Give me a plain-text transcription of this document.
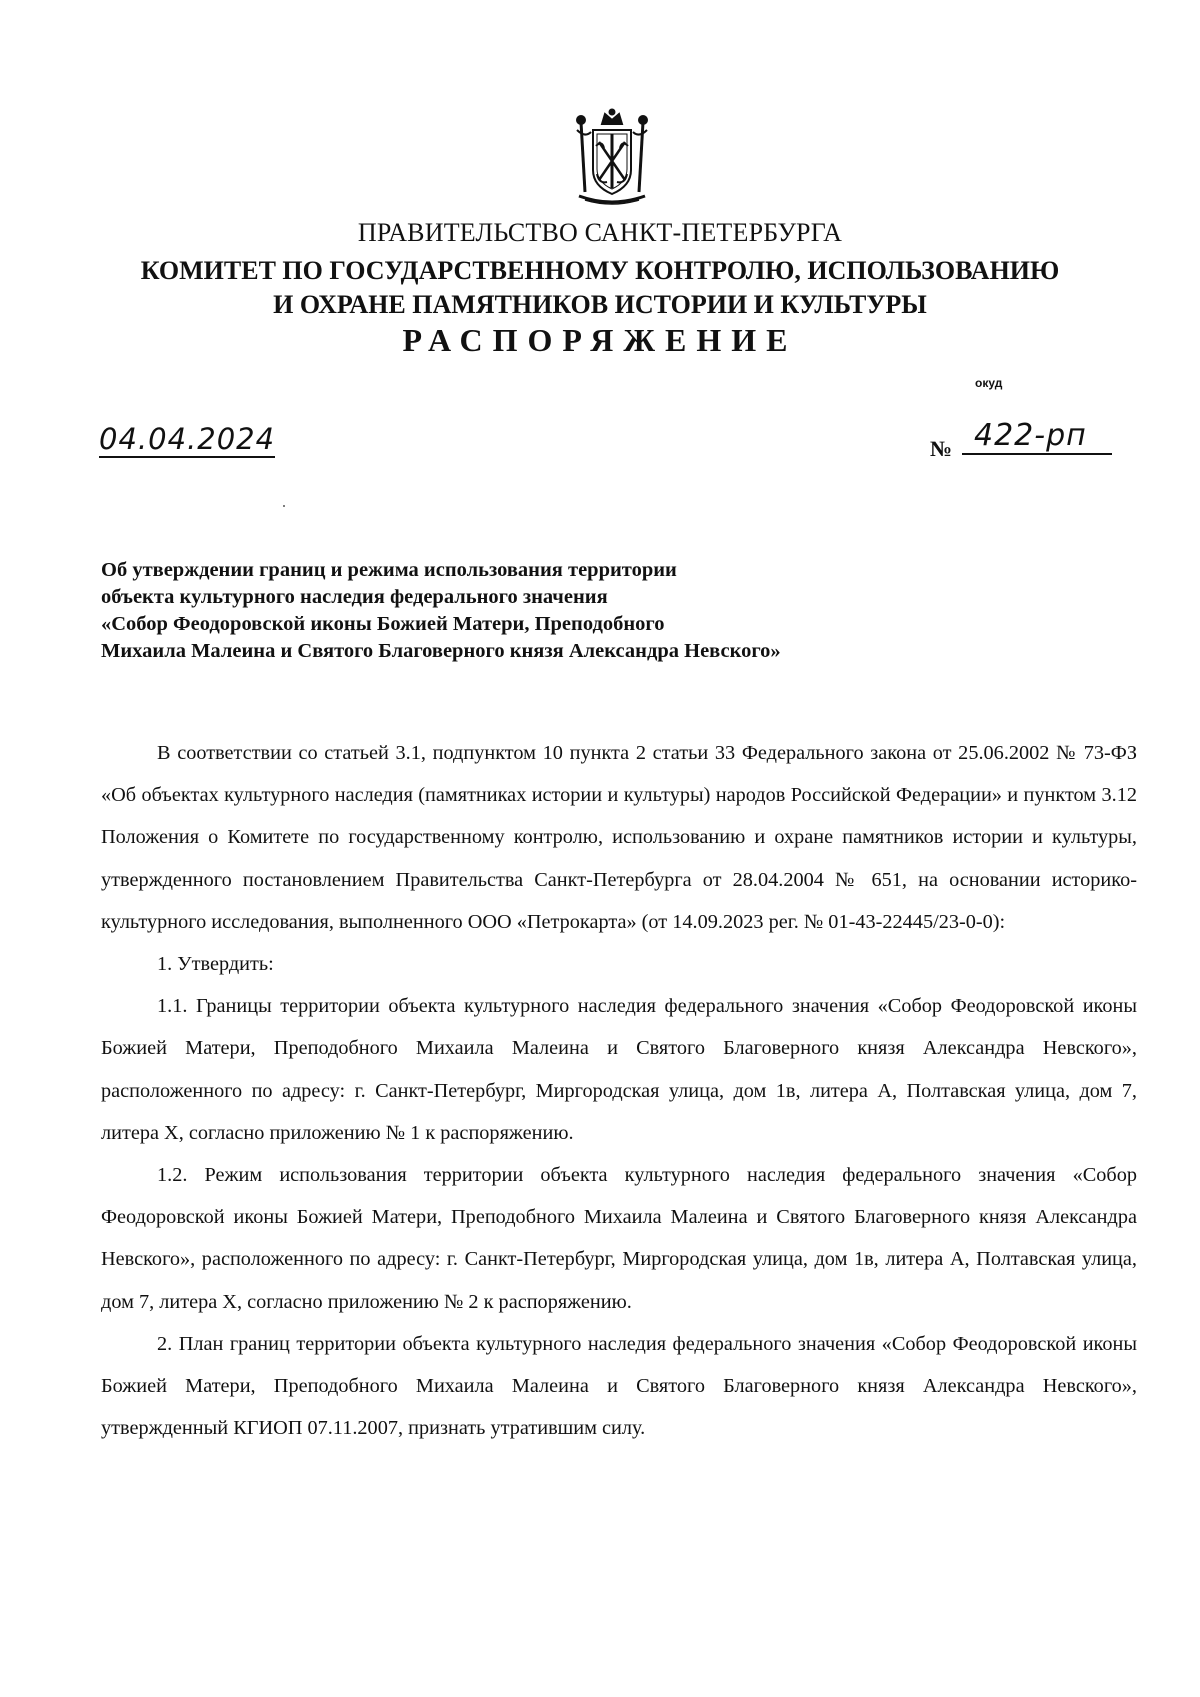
ПРАВИТЕЛЬСТВО САНКТ-ПЕТЕРБУРГА
КОМИТЕТ ПО ГОСУДАРСТВЕННОМУ КОНТРОЛЮ, ИСПОЛЬЗОВАНИЮ
И ОХРАНЕ ПАМЯТНИКОВ ИСТОРИИ И КУЛЬТУРЫ
РАСПОРЯЖЕНИЕ
окуд
04.04.2024	№ 422-рп
Об утверждении границ и режима использования территории
объекта культурного наследия федерального значения
«Собор Феодоровской иконы Божией Матери, Преподобного
Михаила Малеина и Святого Благоверного князя Александра Невского»

В соответствии со статьей 3.1, подпунктом 10 пункта 2 статьи 33 Федерального закона от 25.06.2002 № 73-ФЗ «Об объектах культурного наследия (памятниках истории и культуры) народов Российской Федерации» и пунктом 3.12 Положения о Комитете по государственному контролю, использованию и охране памятников истории и культуры, утвержденного постановлением Правительства Санкт-Петербурга от 28.04.2004 № 651, на основании историко-культурного исследования, выполненного ООО «Петрокарта» (от 14.09.2023 рег. № 01-43-22445/23-0-0):

1. Утвердить:

1.1. Границы территории объекта культурного наследия федерального значения «Собор Феодоровской иконы Божией Матери, Преподобного Михаила Малеина и Святого Благоверного князя Александра Невского», расположенного по адресу: г. Санкт-Петербург, Миргородская улица, дом 1в, литера А, Полтавская улица, дом 7, литера Х, согласно приложению № 1 к распоряжению.

1.2. Режим использования территории объекта культурного наследия федерального значения «Собор Феодоровской иконы Божией Матери, Преподобного Михаила Малеина и Святого Благоверного князя Александра Невского», расположенного по адресу: г. Санкт-Петербург, Миргородская улица, дом 1в, литера А, Полтавская улица, дом 7, литера Х, согласно приложению № 2 к распоряжению.

2. План границ территории объекта культурного наследия федерального значения «Собор Феодоровской иконы Божией Матери, Преподобного Михаила Малеина и Святого Благоверного князя Александра Невского», утвержденный КГИОП 07.11.2007, признать утратившим силу.
